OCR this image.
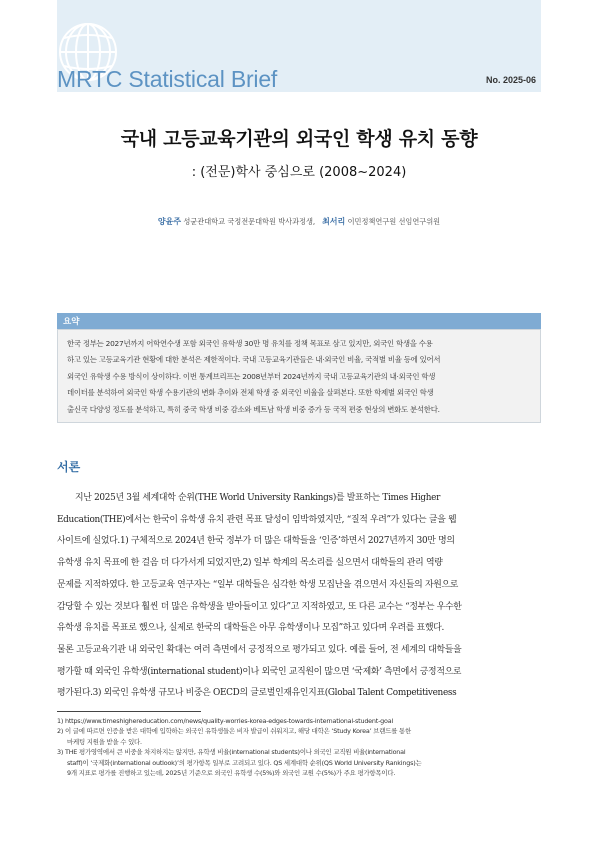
MRTC Statistical Brief	No. 2025-06
국내 고등교육기관의 외국인 학생 유치 동향
: (전문)학사 중심으로 (2008~2024)
양윤주 성균관대학교 국정전문대학원 박사과정생, 최서리 이민정책연구원 선임연구위원
요약

한국 정부는 2027년까지 어학연수생 포함 외국인 유학생 30만 명 유치를 정책 목표로 삼고 있지만, 외국인 학생을 수용

하고 있는 고등교육기관 현황에 대한 분석은 제한적이다. 국내 고등교육기관들은 내·외국인 비율, 국적별 비율 등에 있어서

외국인 유학생 수용 방식이 상이하다. 이번 통계브리프는 2008년부터 2024년까지 국내 고등교육기관의 내·외국인 학생

데이터를 분석하여 외국인 학생 수용기관의 변화 추이와 전체 학생 중 외국인 비율을 살펴본다. 또한 학제별 외국인 학생

출신국 다양성 정도를 분석하고, 특히 중국 학생 비중 감소와 베트남 학생 비중 증가 등 국적 편중 현상의 변화도 분석한다.

서론

지난 2025년 3월 세계대학 순위(THE World University Rankings)를 발표하는 Times Higher

Education(THE)에서는 한국이 유학생 유치 관련 목표 달성이 임박하였지만, “질적 우려”가 있다는 글을 웹

사이트에 실었다.1) 구체적으로 2024년 한국 정부가 더 많은 대학들을 ‘인증’하면서 2027년까지 30만 명의

유학생 유치 목표에 한 걸음 더 다가서게 되었지만,2) 일부 학계의 목소리를 실으면서 대학들의 관리 역량

문제를 지적하였다. 한 고등교육 연구자는 “일부 대학들은 심각한 학생 모집난을 겪으면서 자신들의 자원으로

감당할 수 있는 것보다 훨씬 더 많은 유학생을 받아들이고 있다”고 지적하였고, 또 다른 교수는 “정부는 우수한

유학생 유치를 목표로 했으나, 실제로 한국의 대학들은 아무 유학생이나 모집”하고 있다며 우려를 표했다.

물론 고등교육기관 내 외국인 확대는 여러 측면에서 긍정적으로 평가되고 있다. 예를 들어, 전 세계의 대학들을

평가할 때 외국인 유학생(international student)이나 외국인 교직원이 많으면 ‘국제화’ 측면에서 긍정적으로

평가된다.3) 외국인 유학생 규모나 비중은 OECD의 글로벌인재유인지표(Global Talent Competitiveness

1) https://www.timeshighereducation.com/news/quality-worries-korea-edges-towards-international-student-goal

2) 이 글에 따르면 인증을 받은 대학에 입학하는 외국인 유학생들은 비자 발급이 쉬워지고, 해당 대학은 ‘Study Korea’ 브랜드를 통한

마케팅 지원을 받을 수 있다.

3) THE 평가영역에서 큰 비중을 차지하지는 않지만, 유학생 비율(international students)이나 외국인 교직원 비율(international

staff)이 ‘국제화(international outlook)’의 평가항목 일부로 고려되고 있다. QS 세계대학 순위(QS World University Rankings)는

9개 지표로 평가를 진행하고 있는데, 2025년 기준으로 외국인 유학생 수(5%)와 외국인 교원 수(5%)가 주요 평가항목이다.
